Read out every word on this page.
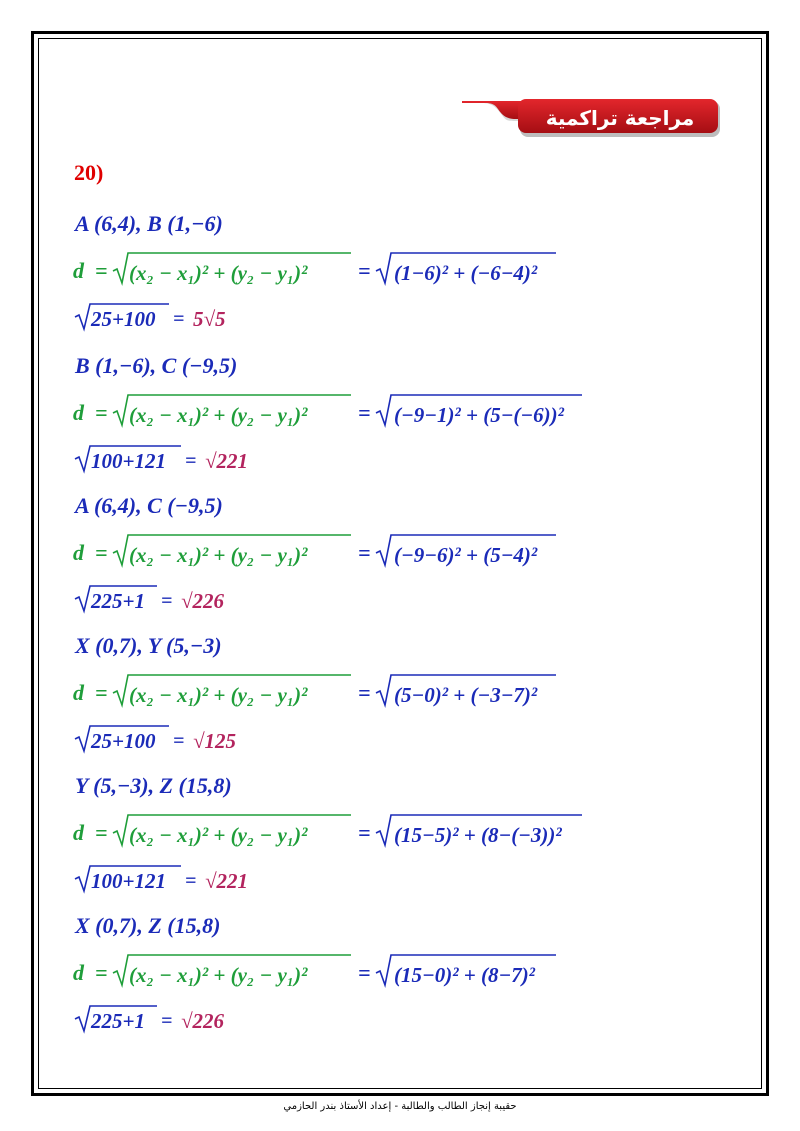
مراجعة تراكمية
20)
A (6,4), B (1,−6)
d = (x₂ − x₁)² + (y₂ − y₁)² = (1−6)² + (−6−4)²
25+100 = 5√5
B (1,−6), C (−9,5)
d = (x₂ − x₁)² + (y₂ − y₁)² = (−9−1)² + (5−(−6))²
100+121 = √221
A (6,4), C (−9,5)
d = (x₂ − x₁)² + (y₂ − y₁)² = (−9−6)² + (5−4)²
225+1 = √226
X (0,7), Y (5,−3)
d = (x₂ − x₁)² + (y₂ − y₁)² = (5−0)² + (−3−7)²
25+100 = √125
Y (5,−3), Z (15,8)
d = (x₂ − x₁)² + (y₂ − y₁)² = (15−5)² + (8−(−3))²
100+121 = √221
X (0,7), Z (15,8)
d = (x₂ − x₁)² + (y₂ − y₁)² = (15−0)² + (8−7)²
225+1 = √226
حقيبة إنجاز الطالب والطالبة - إعداد الأستاذ بندر الحازمي
